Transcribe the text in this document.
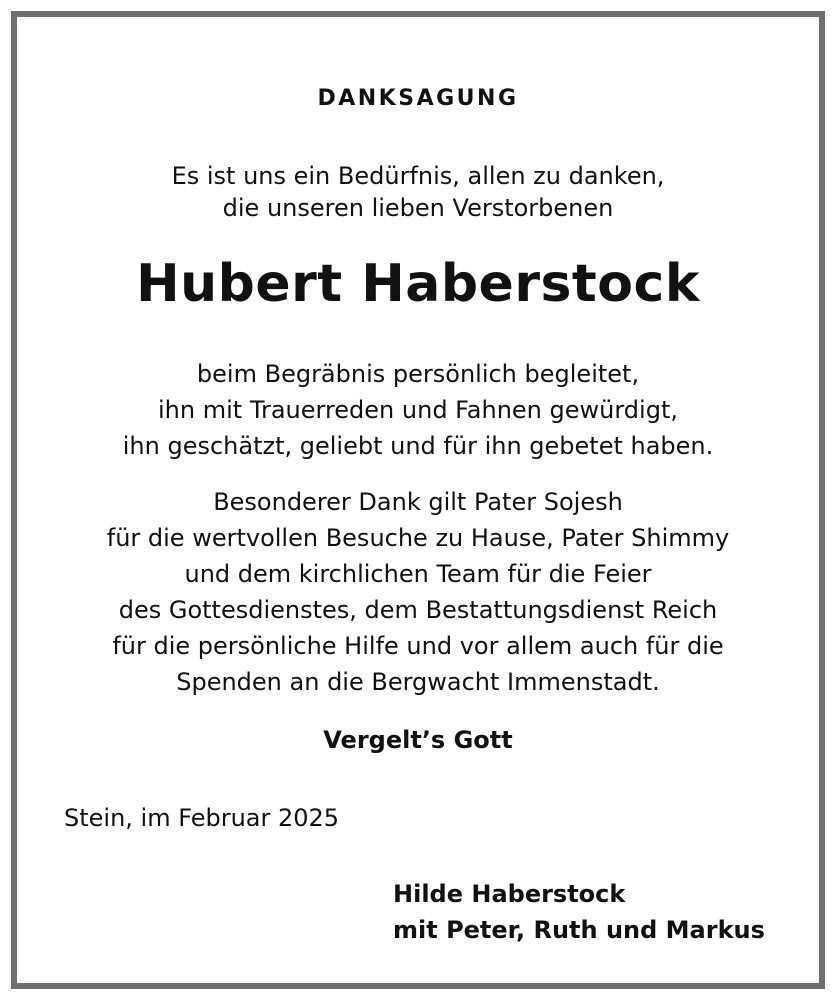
DANKSAGUNG
Es ist uns ein Bedürfnis, allen zu danken,
die unseren lieben Verstorbenen
Hubert Haberstock
beim Begräbnis persönlich begleitet,
ihn mit Trauerreden und Fahnen gewürdigt,
ihn geschätzt, geliebt und für ihn gebetet haben.
Besonderer Dank gilt Pater Sojesh
für die wertvollen Besuche zu Hause, Pater Shimmy
und dem kirchlichen Team für die Feier
des Gottesdienstes, dem Bestattungsdienst Reich
für die persönliche Hilfe und vor allem auch für die
Spenden an die Bergwacht Immenstadt.
Vergelt’s Gott
Stein, im Februar 2025
Hilde Haberstock
mit Peter, Ruth und Markus
